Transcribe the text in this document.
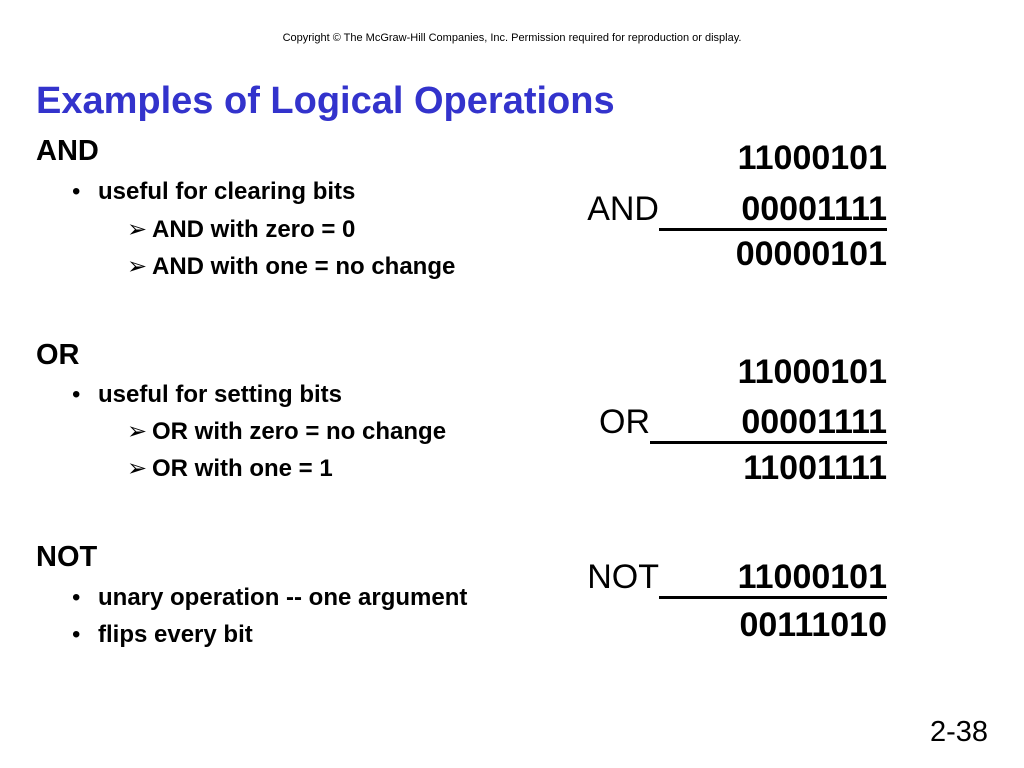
Copyright © The McGraw-Hill Companies, Inc. Permission required for reproduction or display.
Examples of Logical Operations
AND
• useful for clearing bits
➢ AND with zero = 0
➢ AND with one = no change
OR
• useful for setting bits
➢ OR with zero = no change
➢ OR with one = 1
NOT
• unary operation -- one argument
• flips every bit
11000101
AND 00001111
00000101
11000101
OR	00001111
11001111
NOT 11000101
00111010
2-38
